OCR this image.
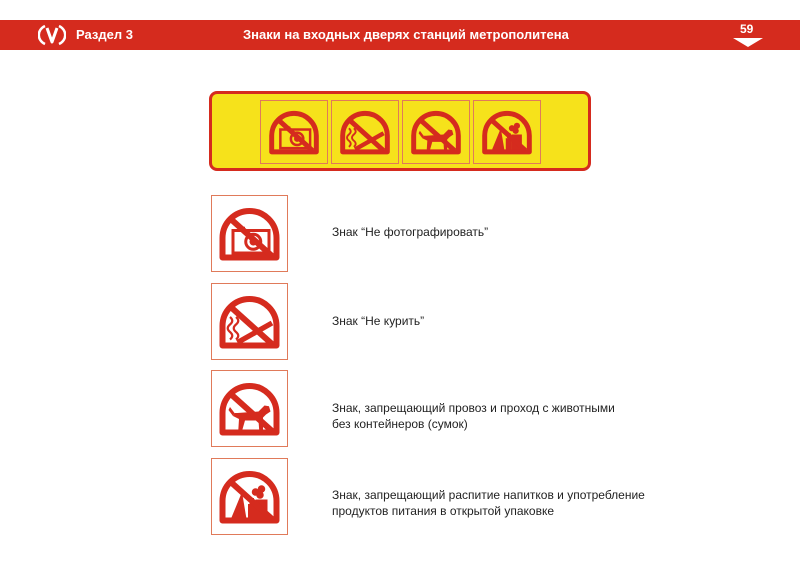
Раздел 3	Знаки на входных дверях станций метрополитена	59
Знак “Не фотографировать”
Знак “Не курить”
Знак, запрещающий провоз и проход с животными
без контейнеров (сумок)
Знак, запрещающий распитие напитков и употребление
продуктов питания в открытой упаковке
